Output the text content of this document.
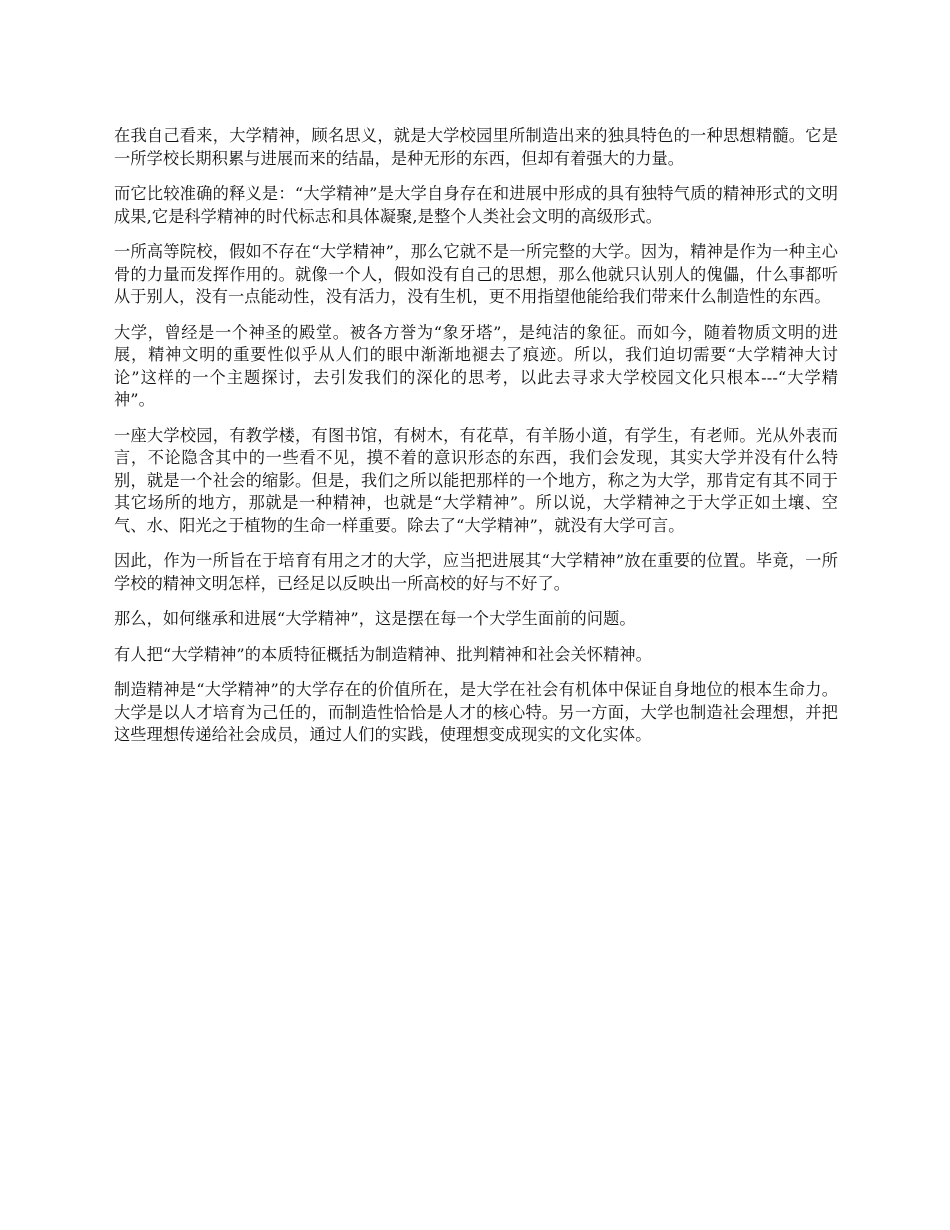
在我自己看来，大学精神，顾名思义，就是大学校园里所制造出来的独具特色的一种思想精髓。它是一所学校长期积累与进展而来的结晶，是种无形的东西，但却有着强大的力量。

而它比较准确的释义是：“大学精神”是大学自身存在和进展中形成的具有独特气质的精神形式的文明成果,它是科学精神的时代标志和具体凝聚,是整个人类社会文明的高级形式。

一所高等院校，假如不存在“大学精神”，那么它就不是一所完整的大学。因为，精神是作为一种主心骨的力量而发挥作用的。就像一个人，假如没有自己的思想，那么他就只认别人的傀儡，什么事都听从于别人，没有一点能动性，没有活力，没有生机，更不用指望他能给我们带来什么制造性的东西。

大学，曾经是一个神圣的殿堂。被各方誉为“象牙塔”，是纯洁的象征。而如今，随着物质文明的进展，精神文明的重要性似乎从人们的眼中渐渐地褪去了痕迹。所以，我们迫切需要“大学精神大讨论”这样的一个主题探讨，去引发我们的深化的思考，以此去寻求大学校园文化只根本---“大学精神”。

一座大学校园，有教学楼，有图书馆，有树木，有花草，有羊肠小道，有学生，有老师。光从外表而言，不论隐含其中的一些看不见，摸不着的意识形态的东西，我们会发现，其实大学并没有什么特别，就是一个社会的缩影。但是，我们之所以能把那样的一个地方，称之为大学，那肯定有其不同于其它场所的地方，那就是一种精神，也就是“大学精神”。所以说，大学精神之于大学正如土壤、空气、水、阳光之于植物的生命一样重要。除去了“大学精神”，就没有大学可言。

因此，作为一所旨在于培育有用之才的大学，应当把进展其“大学精神”放在重要的位置。毕竟，一所学校的精神文明怎样，已经足以反映出一所高校的好与不好了。

那么，如何继承和进展“大学精神”，这是摆在每一个大学生面前的问题。

有人把“大学精神”的本质特征概括为制造精神、批判精神和社会关怀精神。

制造精神是“大学精神”的大学存在的价值所在，是大学在社会有机体中保证自身地位的根本生命力。大学是以人才培育为己任的，而制造性恰恰是人才的核心特。另一方面，大学也制造社会理想，并把这些理想传递给社会成员，通过人们的实践，使理想变成现实的文化实体。
